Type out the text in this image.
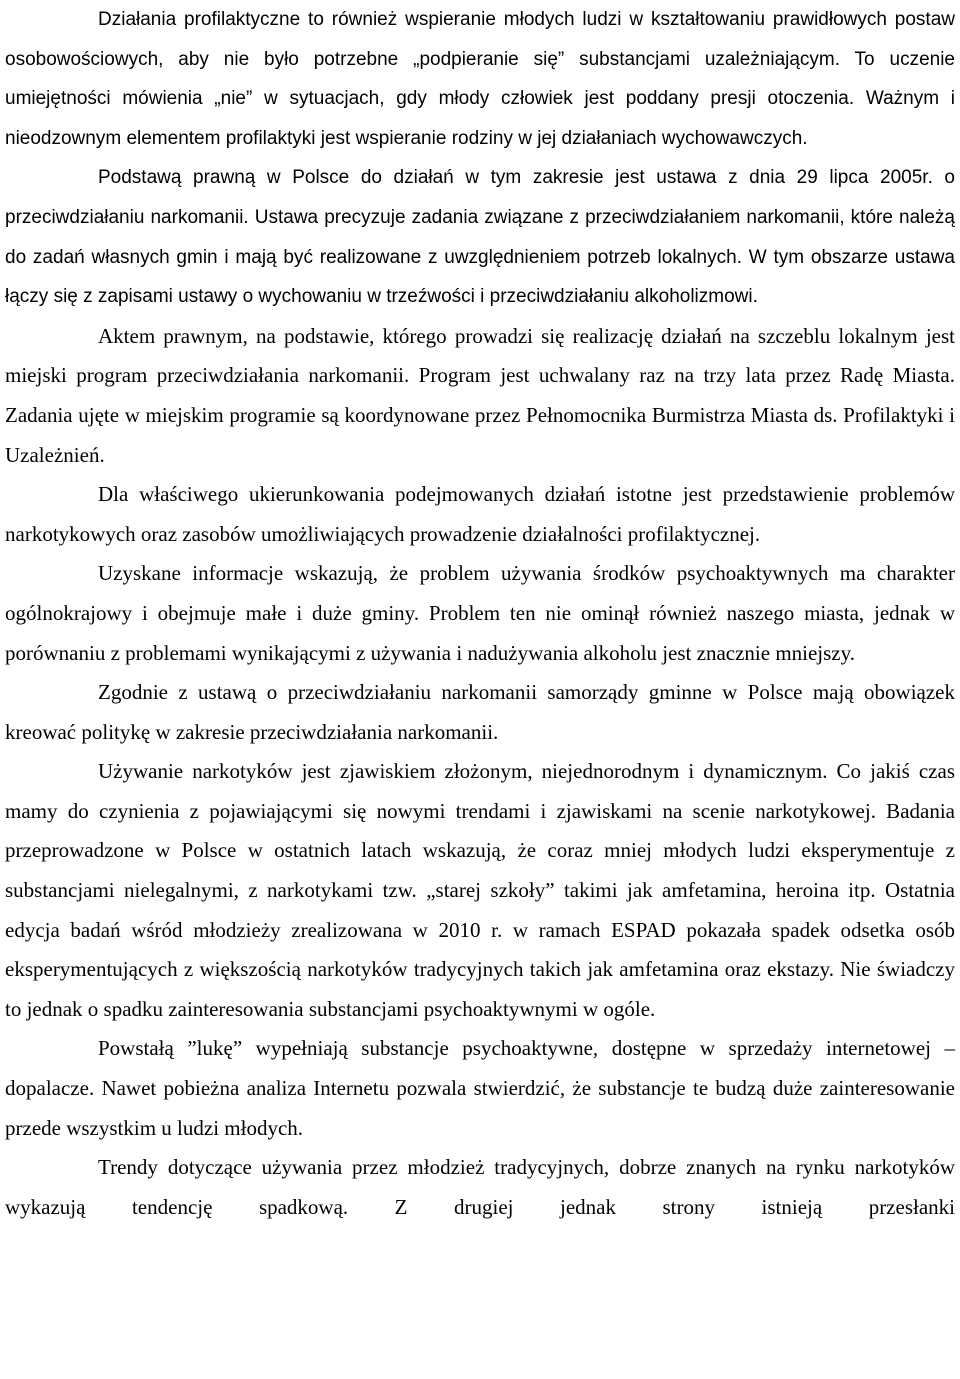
Działania profilaktyczne to również wspieranie młodych ludzi w kształtowaniu prawidłowych postaw osobowościowych, aby nie było potrzebne „podpieranie się” substancjami uzależniającym. To uczenie umiejętności mówienia „nie” w sytuacjach, gdy młody człowiek jest poddany presji otoczenia. Ważnym i nieodzownym elementem profilaktyki jest wspieranie rodziny w jej działaniach wychowawczych.

Podstawą prawną w Polsce do działań w tym zakresie jest ustawa z dnia 29 lipca 2005r. o przeciwdziałaniu narkomanii. Ustawa precyzuje zadania związane z przeciwdziałaniem narkomanii, które należą do zadań własnych gmin i mają być realizowane z uwzględnieniem potrzeb lokalnych. W tym obszarze ustawa łączy się z zapisami ustawy o wychowaniu w trzeźwości i przeciwdziałaniu alkoholizmowi.

Aktem prawnym, na podstawie, którego prowadzi się realizację działań na szczeblu lokalnym jest miejski program przeciwdziałania narkomanii. Program jest uchwalany raz na trzy lata przez Radę Miasta. Zadania ujęte w miejskim programie są koordynowane przez Pełnomocnika Burmistrza Miasta ds. Profilaktyki i Uzależnień.

Dla właściwego ukierunkowania podejmowanych działań istotne jest przedstawienie problemów narkotykowych oraz zasobów umożliwiających prowadzenie działalności profilaktycznej.

Uzyskane informacje wskazują, że problem używania środków psychoaktywnych ma charakter ogólnokrajowy i obejmuje małe i duże gminy. Problem ten nie ominął również naszego miasta, jednak w porównaniu z problemami wynikającymi z używania i nadużywania alkoholu jest znacznie mniejszy.

Zgodnie z ustawą o przeciwdziałaniu narkomanii samorządy gminne w Polsce mają obowiązek kreować politykę w zakresie przeciwdziałania narkomanii.

Używanie narkotyków jest zjawiskiem złożonym, niejednorodnym i dynamicznym. Co jakiś czas mamy do czynienia z pojawiającymi się nowymi trendami i zjawiskami na scenie narkotykowej. Badania przeprowadzone w Polsce w ostatnich latach wskazują, że coraz mniej młodych ludzi eksperymentuje z substancjami nielegalnymi, z narkotykami tzw. „starej szkoły” takimi jak amfetamina, heroina itp. Ostatnia edycja badań wśród młodzieży zrealizowana w 2010 r. w ramach ESPAD pokazała spadek odsetka osób eksperymentujących z większością narkotyków tradycyjnych takich jak amfetamina oraz ekstazy. Nie świadczy to jednak o spadku zainteresowania substancjami psychoaktywnymi w ogóle.

Powstałą ”lukę” wypełniają substancje psychoaktywne, dostępne w sprzedaży internetowej – dopalacze. Nawet pobieżna analiza Internetu pozwala stwierdzić, że substancje te budzą duże zainteresowanie przede wszystkim u ludzi młodych.

Trendy dotyczące używania przez młodzież tradycyjnych, dobrze znanych na rynku narkotyków wykazują tendencję spadkową. Z drugiej jednak strony istnieją przesłanki
